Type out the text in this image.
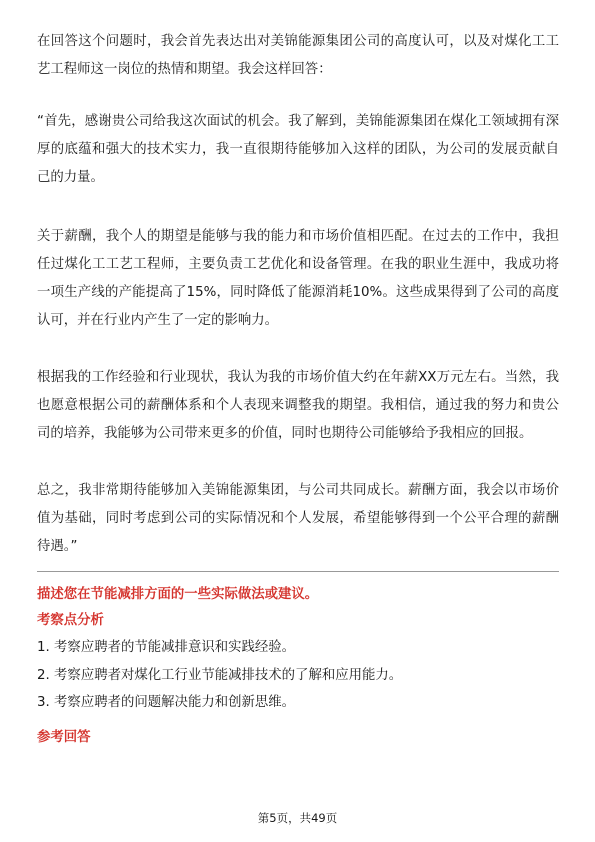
在回答这个问题时，我会首先表达出对美锦能源集团公司的高度认可，以及对煤化工工艺工程师这一岗位的热情和期望。我会这样回答：

“首先，感谢贵公司给我这次面试的机会。我了解到，美锦能源集团在煤化工领域拥有深厚的底蕴和强大的技术实力，我一直很期待能够加入这样的团队，为公司的发展贡献自己的力量。

关于薪酬，我个人的期望是能够与我的能力和市场价值相匹配。在过去的工作中，我担任过煤化工工艺工程师，主要负责工艺优化和设备管理。在我的职业生涯中，我成功将一项生产线的产能提高了15%，同时降低了能源消耗10%。这些成果得到了公司的高度认可，并在行业内产生了一定的影响力。

根据我的工作经验和行业现状，我认为我的市场价值大约在年薪XX万元左右。当然，我也愿意根据公司的薪酬体系和个人表现来调整我的期望。我相信，通过我的努力和贵公司的培养，我能够为公司带来更多的价值，同时也期待公司能够给予我相应的回报。

总之，我非常期待能够加入美锦能源集团，与公司共同成长。薪酬方面，我会以市场价值为基础，同时考虑到公司的实际情况和个人发展，希望能够得到一个公平合理的薪酬待遇。”

描述您在节能减排方面的一些实际做法或建议。

考察点分析

1. 考察应聘者的节能减排意识和实践经验。
2. 考察应聘者对煤化工行业节能减排技术的了解和应用能力。
3. 考察应聘者的问题解决能力和创新思维。

参考回答

第5页，共49页
